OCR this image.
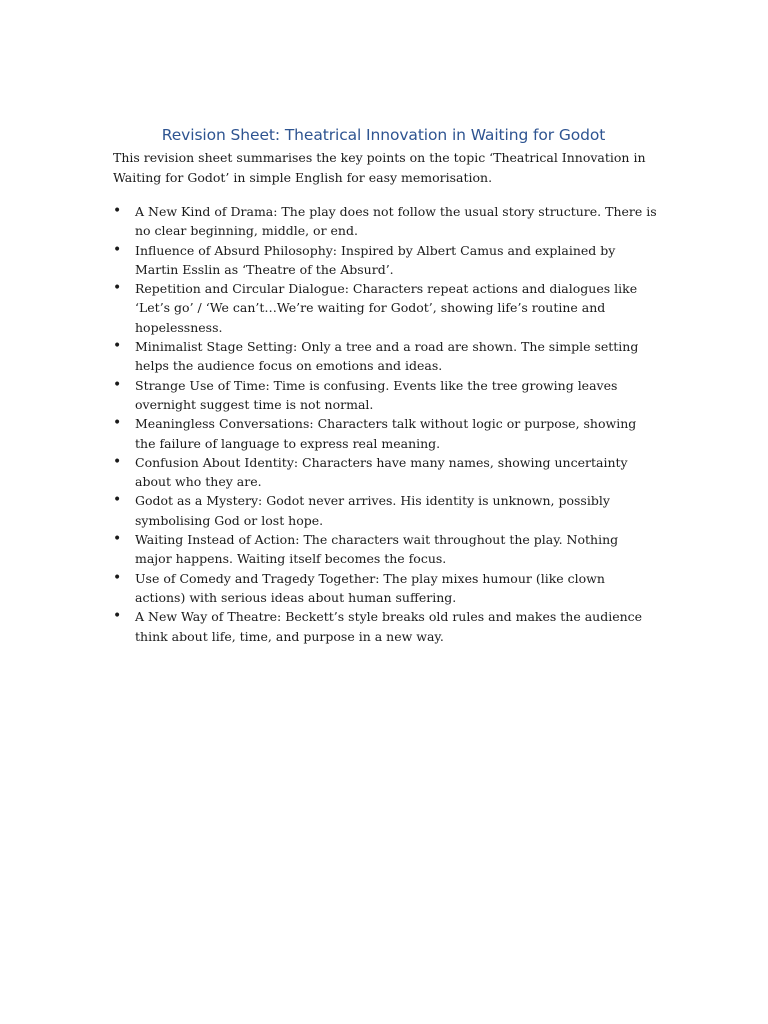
Revision Sheet: Theatrical Innovation in Waiting for Godot
This revision sheet summarises the key points on the topic ‘Theatrical Innovation in Waiting for Godot’ in simple English for easy memorisation.
• A New Kind of Drama: The play does not follow the usual story structure. There is no clear beginning, middle, or end.
• Influence of Absurd Philosophy: Inspired by Albert Camus and explained by Martin Esslin as ‘Theatre of the Absurd’.
• Repetition and Circular Dialogue: Characters repeat actions and dialogues like ‘Let’s go’ / ‘We can’t…We’re waiting for Godot’, showing life’s routine and hopelessness.
• Minimalist Stage Setting: Only a tree and a road are shown. The simple setting helps the audience focus on emotions and ideas.
• Strange Use of Time: Time is confusing. Events like the tree growing leaves overnight suggest time is not normal.
• Meaningless Conversations: Characters talk without logic or purpose, showing the failure of language to express real meaning.
• Confusion About Identity: Characters have many names, showing uncertainty about who they are.
• Godot as a Mystery: Godot never arrives. His identity is unknown, possibly symbolising God or lost hope.
• Waiting Instead of Action: The characters wait throughout the play. Nothing major happens. Waiting itself becomes the focus.
• Use of Comedy and Tragedy Together: The play mixes humour (like clown actions) with serious ideas about human suffering.
• A New Way of Theatre: Beckett’s style breaks old rules and makes the audience think about life, time, and purpose in a new way.
